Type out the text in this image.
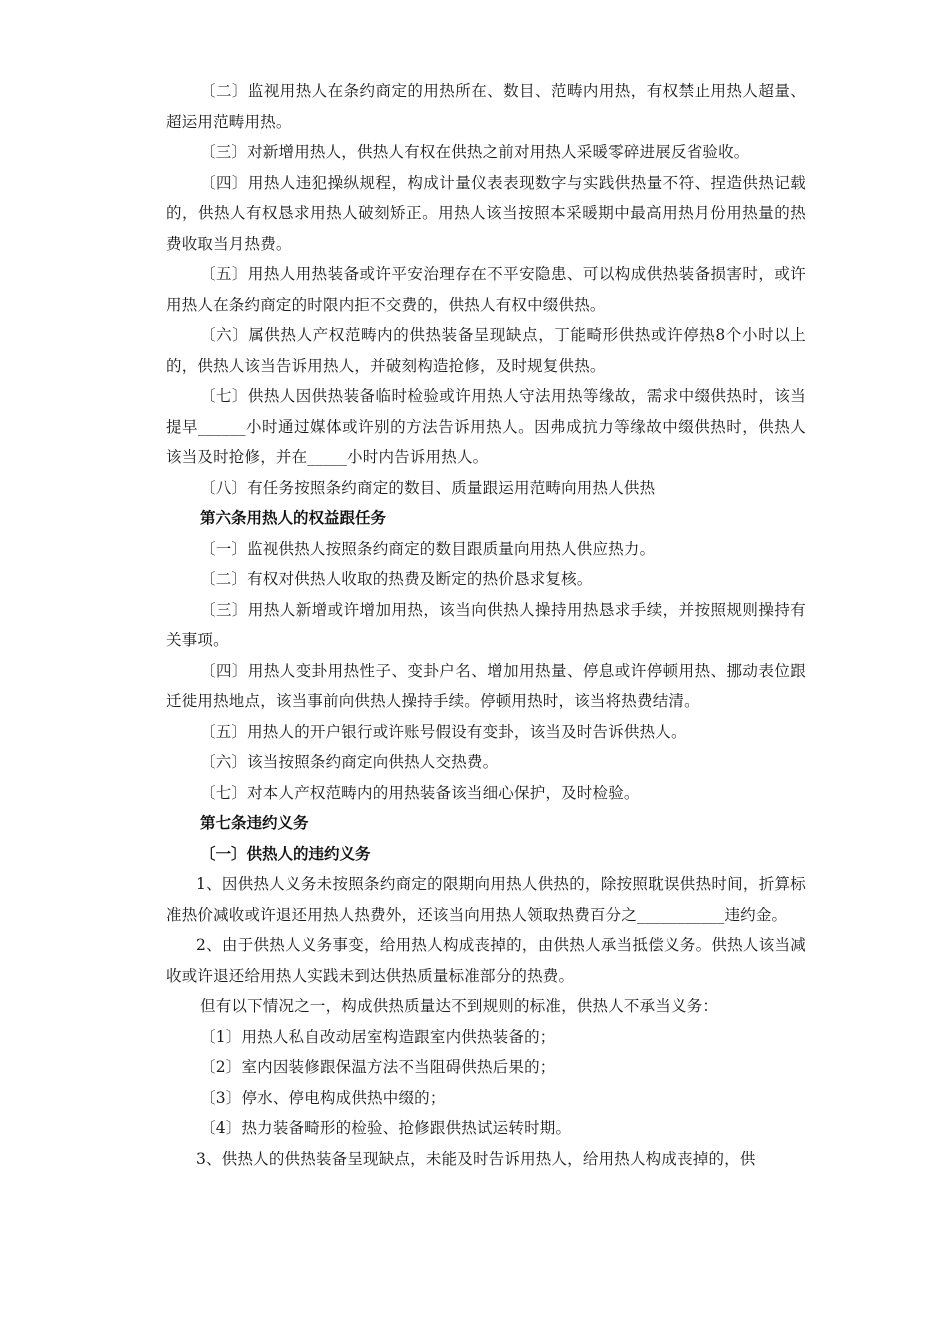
〔二〕监视用热人在条约商定的用热所在、数目、范畴内用热，有权禁止用热人超量、超运用范畴用热。

〔三〕对新增用热人，供热人有权在供热之前对用热人采暖零碎进展反省验收。

〔四〕用热人违犯操纵规程，构成计量仪表表现数字与实践供热量不符、捏造供热记载的，供热人有权恳求用热人破刻矫正。用热人该当按照本采暖期中最高用热月份用热量的热费收取当月热费。

〔五〕用热人用热装备或许平安治理存在不平安隐患、可以构成供热装备损害时，或许用热人在条约商定的时限内拒不交费的，供热人有权中缀供热。

〔六〕属供热人产权范畴内的供热装备呈现缺点，丁能畸形供热或许停热8个小时以上的，供热人该当告诉用热人，并破刻构造抢修，及时规复供热。

〔七〕供热人因供热装备临时检验或许用热人守法用热等缘故，需求中缀供热时，该当提早______小时通过媒体或许别的方法告诉用热人。因弗成抗力等缘故中缀供热时，供热人该当及时抢修，并在_____小时内告诉用热人。

〔八〕有任务按照条约商定的数目、质量跟运用范畴向用热人供热

第六条用热人的权益跟任务

〔一〕监视供热人按照条约商定的数目跟质量向用热人供应热力。

〔二〕有权对供热人收取的热费及断定的热价恳求复核。

〔三〕用热人新增或许增加用热，该当向供热人操持用热恳求手续，并按照规则操持有关事项。

〔四〕用热人变卦用热性子、变卦户名、增加用热量、停息或许停顿用热、挪动表位跟迁徙用热地点，该当事前向供热人操持手续。停顿用热时，该当将热费结清。

〔五〕用热人的开户银行或许账号假设有变卦，该当及时告诉供热人。

〔六〕该当按照条约商定向供热人交热费。

〔七〕对本人产权范畴内的用热装备该当细心保护，及时检验。

第七条违约义务

〔一〕供热人的违约义务

1、因供热人义务未按照条约商定的限期向用热人供热的，除按照耽误供热时间，折算标准热价减收或许退还用热人热费外，还该当向用热人领取热费百分之___________违约金。

2、由于供热人义务事变，给用热人构成丧掉的，由供热人承当抵偿义务。供热人该当减收或许退还给用热人实践未到达供热质量标准部分的热费。

但有以下情况之一，构成供热质量达不到规则的标准，供热人不承当义务：

〔1〕用热人私自改动居室构造跟室内供热装备的；

〔2〕室内因装修跟保温方法不当阻碍供热后果的；

〔3〕停水、停电构成供热中缀的；

〔4〕热力装备畸形的检验、抢修跟供热试运转时期。

3、供热人的供热装备呈现缺点，未能及时告诉用热人，给用热人构成丧掉的，供
